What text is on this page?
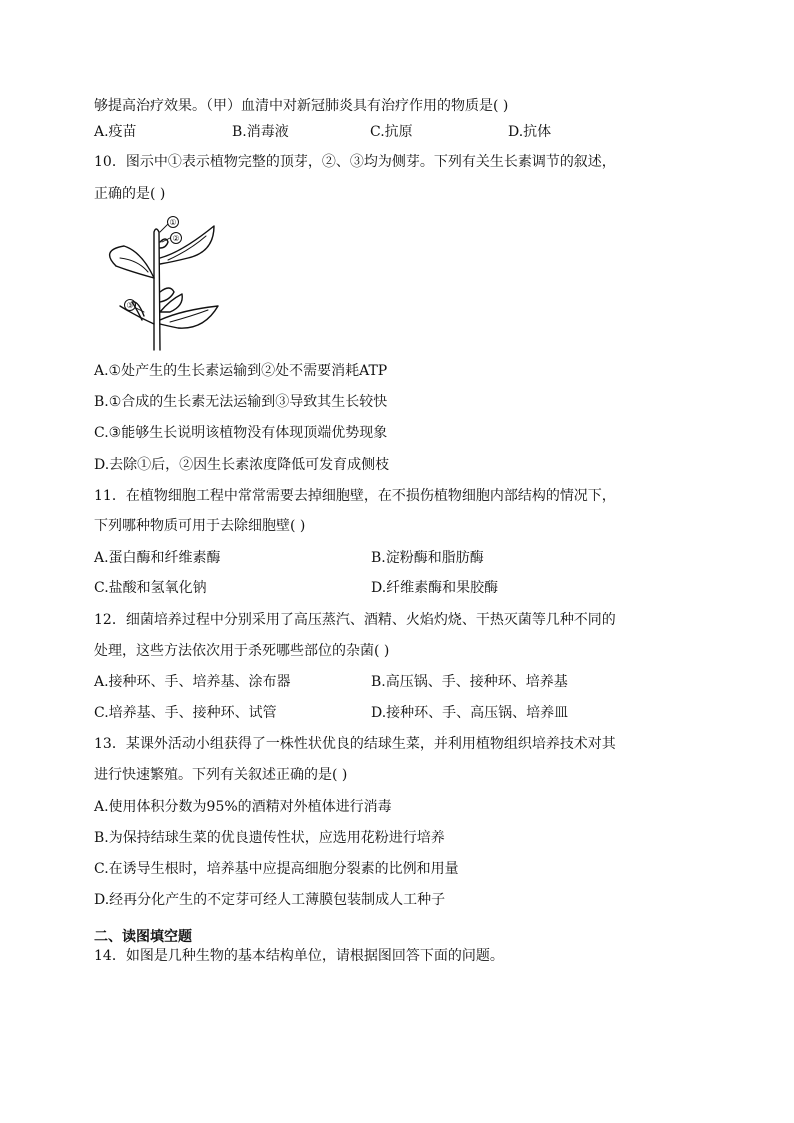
够提高治疗效果。（甲）血清中对新冠肺炎具有治疗作用的物质是( )
A.疫苗	B.消毒液	C.抗原	D.抗体
10．图示中①表示植物完整的顶芽，②、③均为侧芽。下列有关生长素调节的叙述，
正确的是( )
①
②
③
A.①处产生的生长素运输到②处不需要消耗ATP
B.①合成的生长素无法运输到③导致其生长较快
C.③能够生长说明该植物没有体现顶端优势现象
D.去除①后，②因生长素浓度降低可发育成侧枝
11．在植物细胞工程中常常需要去掉细胞壁，在不损伤植物细胞内部结构的情况下，
下列哪种物质可用于去除细胞壁( )
A.蛋白酶和纤维素酶	B.淀粉酶和脂肪酶
C.盐酸和氢氧化钠	D.纤维素酶和果胶酶
12．细菌培养过程中分别采用了高压蒸汽、酒精、火焰灼烧、干热灭菌等几种不同的
处理，这些方法依次用于杀死哪些部位的杂菌( )
A.接种环、手、培养基、涂布器	B.高压锅、手、接种环、培养基
C.培养基、手、接种环、试管	D.接种环、手、高压锅、培养皿
13．某课外活动小组获得了一株性状优良的结球生菜，并利用植物组织培养技术对其
进行快速繁殖。下列有关叙述正确的是( )
A.使用体积分数为95%的酒精对外植体进行消毒
B.为保持结球生菜的优良遗传性状，应选用花粉进行培养
C.在诱导生根时，培养基中应提高细胞分裂素的比例和用量
D.经再分化产生的不定芽可经人工薄膜包装制成人工种子
二、读图填空题
14．如图是几种生物的基本结构单位，请根据图回答下面的问题。
